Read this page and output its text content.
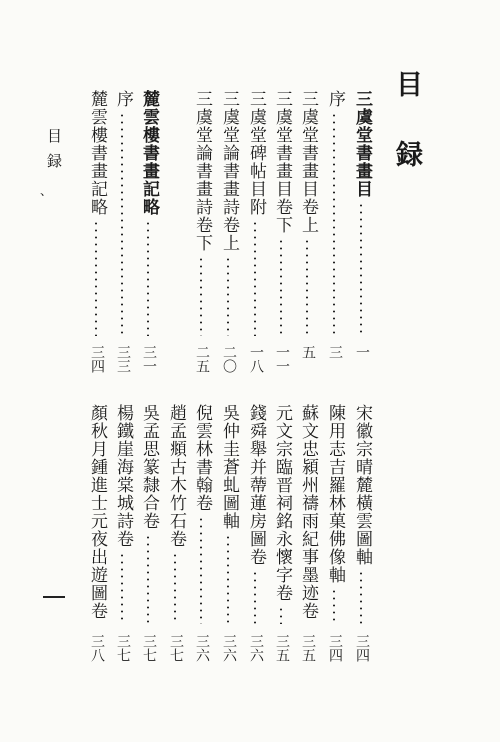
目　録
三虞堂書畫目
一
序
三
三虞堂書畫目卷上
五
三虞堂書畫目卷下
一一
三虞堂碑帖目附
一八
三虞堂論書畫詩卷上
二〇
三虞堂論書畫詩卷下
二五
麓雲樓書畫記略
三一
序
三三
麓雲樓書畫記略
三四
宋徽宗晴麓橫雲圖軸
三四
陳用志吉羅林菓佛像軸
三四
蘇文忠潁州禱雨紀事墨迹卷
三五
元文宗臨晋祠銘永懷字卷
三五
錢舜舉并蔕蓮房圖卷
三六
吳仲圭蒼虬圖軸
三六
倪雲林書翰卷
三六
趙孟頫古木竹石卷
三七
吳孟思篆隸合卷
三七
楊鐵崖海棠城詩卷
三七
顏秋月鍾進士元夜出遊圖卷
三八
目録
、
